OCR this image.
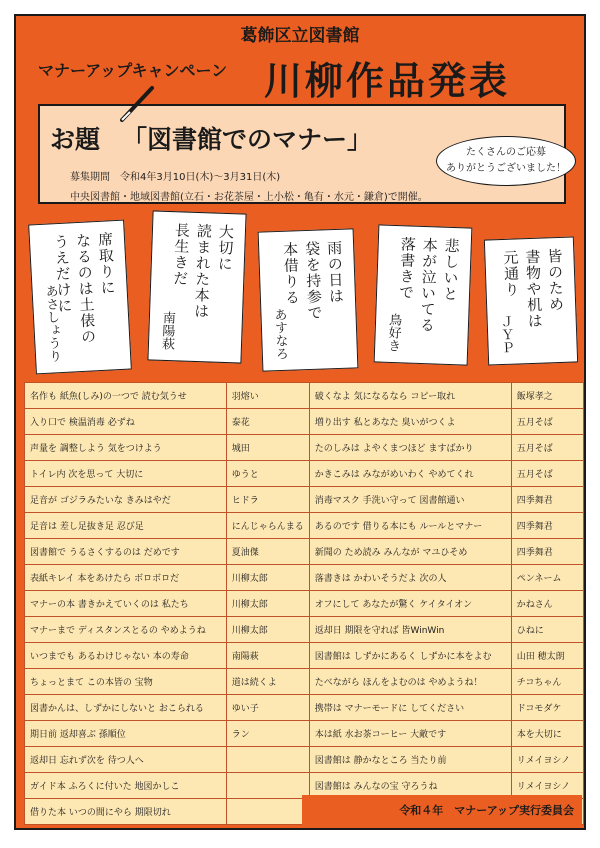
葛飾区立図書館
マナーアップキャンペーン 川柳作品発表
お題 「図書館でのマナー」	たくさんのご応募
ありがとうございました！
募集期間　令和4年3月10日(木)～3月31日(木)
中央図書館・地域図書館(立石・お花茶屋・上小松・亀有・水元・鎌倉)で開催。
席取りに
なるのは土俵の
うえだけに
あさしょうり
大切に
読まれた本は
長生きだ
南陽萩
雨の日は
袋を持参で
本借りる
あすなろ
悲しいと
本が泣いてる
落書きで
鳥好き
皆のため
書物や机は
元通り
ＪＹＰ
名作も 紙魚(しみ)の一つで 読む気うせ	羽熔い	破くなよ 気になるなら コピー取れ	飯塚孝之
入り口で 検温消毒 必ずね	泰花	増り出す 私とあなた 臭いがつくよ	五月そば
声量を 調整しよう 気をつけよう	城田	たのしみは よやくまつほど ますばかり	五月そば
トイレ内 次を思って 大切に	ゆうと	かきこみは みながめいわく やめてくれ	五月そば
足音が ゴジラみたいな きみはやだ	ヒドラ	消毒マスク 手洗い守って 図書館通い	四季舞君
足音は 差し足抜き足 忍び足	にんじゃらんまる	あるのです 借りる本にも ルールとマナー	四季舞君
図書館で うるさくするのは だめです	夏油傑	新聞の ため読み みんなが マユひそめ	四季舞君
表紙キレイ 本をあけたら ボロボロだ	川柳太郎	落書きは かわいそうだよ 次の人	ペンネーム
マナーの本 書きかえていくのは 私たち	川柳太郎	オフにして あなたが驚く ケイタイオン	かねさん
マナーまで ディスタンスとるの やめようね	川柳太郎	返却日 期限を守れば 皆WinWin	ひねに
いつまでも あるわけじゃない 本の寿命	南陽萩	図書館は しずかにあるく しずかに本をよむ	山田 穂太朗
ちょっとまて この本皆の 宝物	道は続くよ	たべながら ほんをよむのは やめようね！	チコちゃん
図書かんは、しずかにしないと おこられる	ゆい子	携帯は マナーモードに してください	ドコモダケ
期日前 返却喜ぶ 孫順位	ラン	本は紙 水お茶コーヒー 大敵です	本を大切に
返却日 忘れず次を 待つ人へ		図書館は 静かなところ 当たり前	リメイヨシノ
ガイド本 ふろくに付いた 地図かしこ		図書館は みんなの宝 守ろうね	リメイヨシノ
借りた本 いつの間にやら 期限切れ				令和４年　マナーアップ実行委員会
